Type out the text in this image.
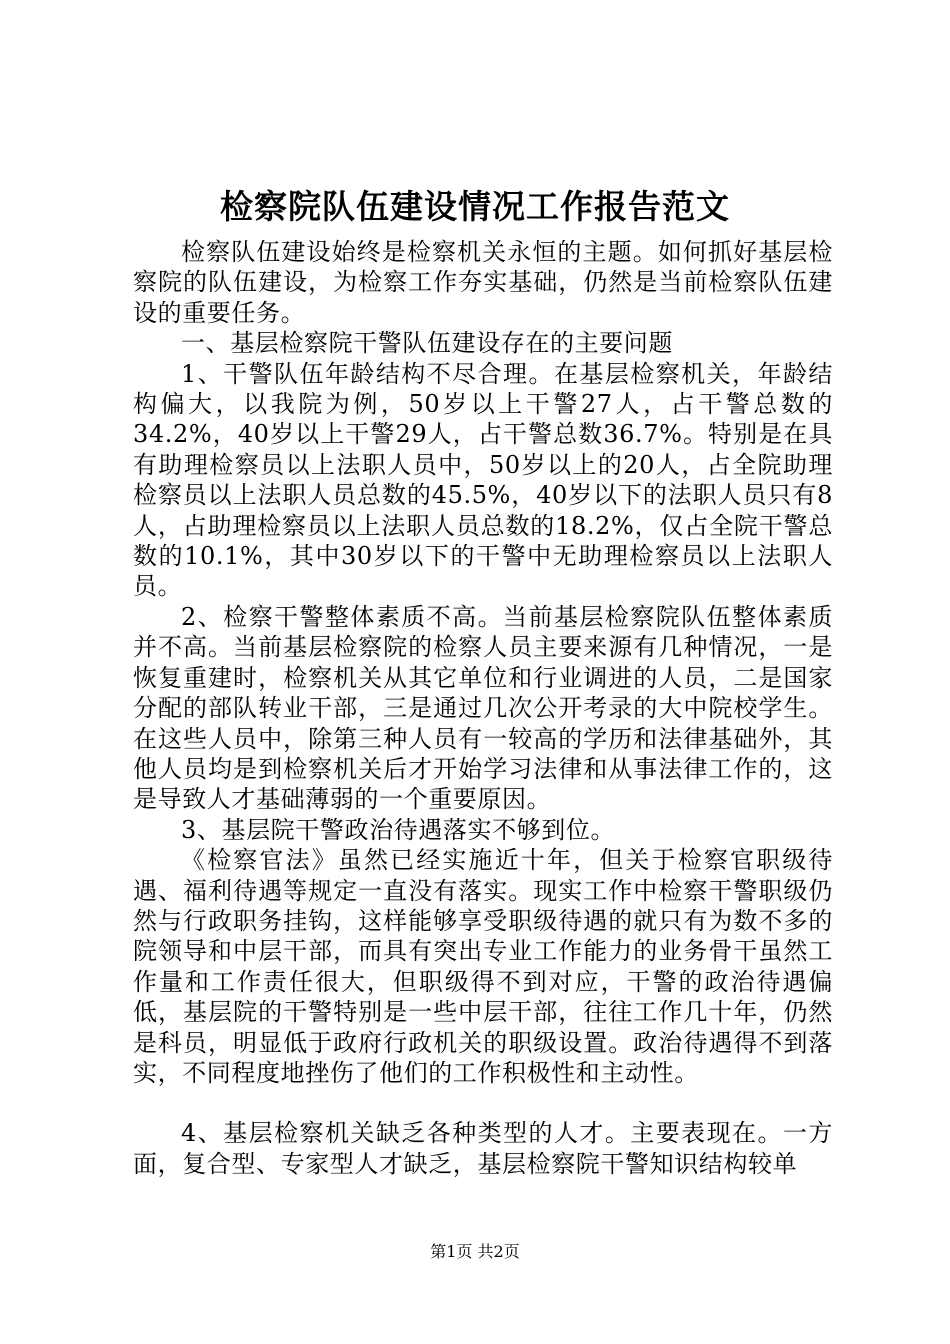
检察院队伍建设情况工作报告范文

检察队伍建设始终是检察机关永恒的主题。如何抓好基层检察院的队伍建设，为检察工作夯实基础，仍然是当前检察队伍建设的重要任务。

一、基层检察院干警队伍建设存在的主要问题

1、干警队伍年龄结构不尽合理。在基层检察机关，年龄结构偏大，以我院为例，50岁以上干警27人，占干警总数的34.2%，40岁以上干警29人，占干警总数36.7%。特别是在具有助理检察员以上法职人员中，50岁以上的20人，占全院助理检察员以上法职人员总数的45.5%，40岁以下的法职人员只有8人，占助理检察员以上法职人员总数的18.2%，仅占全院干警总数的10.1%，其中30岁以下的干警中无助理检察员以上法职人员。

2、检察干警整体素质不高。当前基层检察院队伍整体素质并不高。当前基层检察院的检察人员主要来源有几种情况，一是恢复重建时，检察机关从其它单位和行业调进的人员，二是国家分配的部队转业干部，三是通过几次公开考录的大中院校学生。在这些人员中，除第三种人员有一较高的学历和法律基础外，其他人员均是到检察机关后才开始学习法律和从事法律工作的，这是导致人才基础薄弱的一个重要原因。

3、基层院干警政治待遇落实不够到位。

《检察官法》虽然已经实施近十年，但关于检察官职级待遇、福利待遇等规定一直没有落实。现实工作中检察干警职级仍然与行政职务挂钩，这样能够享受职级待遇的就只有为数不多的院领导和中层干部，而具有突出专业工作能力的业务骨干虽然工作量和工作责任很大，但职级得不到对应，干警的政治待遇偏低，基层院的干警特别是一些中层干部，往往工作几十年，仍然是科员，明显低于政府行政机关的职级设置。政治待遇得不到落实，不同程度地挫伤了他们的工作积极性和主动性。

4、基层检察机关缺乏各种类型的人才。主要表现在。一方面，复合型、专家型人才缺乏，基层检察院干警知识结构较单

第1页 共2页
